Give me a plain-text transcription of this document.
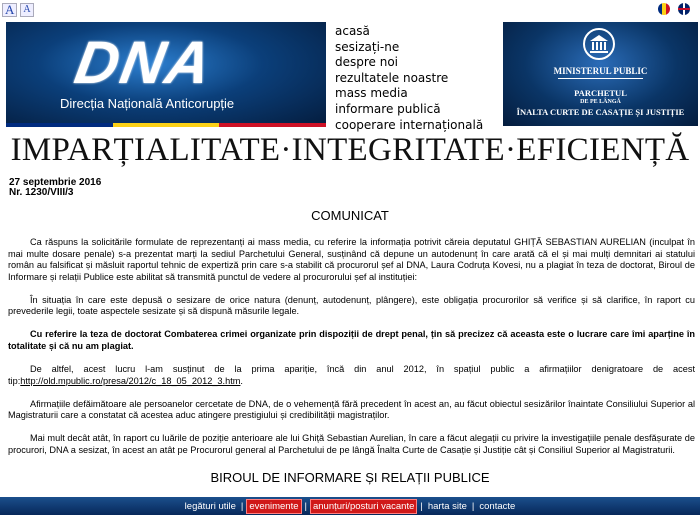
A A
DNA
Direcția Națională Anticorupție
acasă
sesizați-ne
despre noi
rezultatele noastre
mass media
informare publică
cooperare internațională
MINISTERUL PUBLIC
PARCHETUL
DE PE LÂNGĂ
ÎNALTA CURTE DE CASAȚIE ȘI JUSTIȚIE
IMPARȚIALITATE·INTEGRITATE·EFICIENȚĂ
27 septembrie 2016
Nr. 1230/VIII/3
COMUNICAT

Ca răspuns la solicitările formulate de reprezentanți ai mass media, cu referire la informația potrivit căreia deputatul GHIȚĂ SEBASTIAN AURELIAN (inculpat în mai multe dosare penale) s-a prezentat marți la sediul Parchetului General, susținând că depune un autodenunț în care arată că el și mai mulți demnitari ai statului român au falsificat și măsluit raportul tehnic de expertiză prin care s-a stabilit că procurorul șef al DNA, Laura Codruța Kovesi, nu a plagiat în teza de doctorat, Biroul de Informare și relații Publice este abilitat să transmită punctul de vedere al procurorului șef al instituției:

În situația în care este depusă o sesizare de orice natura (denunț, autodenunț, plângere), este obligația procurorilor să verifice și să clarifice, în raport cu prevederile legii, toate aspectele sesizate și să dispună măsurile legale.

Cu referire la teza de doctorat Combaterea crimei organizate prin dispoziții de drept penal, țin să precizez că aceasta este o lucrare care îmi aparține în totalitate și că nu am plagiat.

De altfel, acest lucru l-am susținut de la prima apariție, încă din anul 2012, în spațiul public a afirmațiilor denigratoare de acest tip:http://old.mpublic.ro/presa/2012/c_18_05_2012_3.htm.

Afirmațiile defăimătoare ale persoanelor cercetate de DNA, de o vehemență fără precedent în acest an, au făcut obiectul sesizărilor înaintate Consiliului Superior al Magistraturii care a constatat că acestea aduc atingere prestigiului și credibilității magistraților.

Mai mult decât atât, în raport cu luările de poziție anterioare ale lui Ghiță Sebastian Aurelian, în care a făcut alegații cu privire la investigațiile penale desfășurate de procurori, DNA a sesizat, în acest an atât pe Procurorul general al Parchetului de pe lângă Înalta Curte de Casație și Justiție cât și Consiliul Superior al Magistraturii.

BIROUL DE INFORMARE ȘI RELAȚII PUBLICE
legături utile | evenimente | anunțuri/posturi vacante | harta site | contacte
